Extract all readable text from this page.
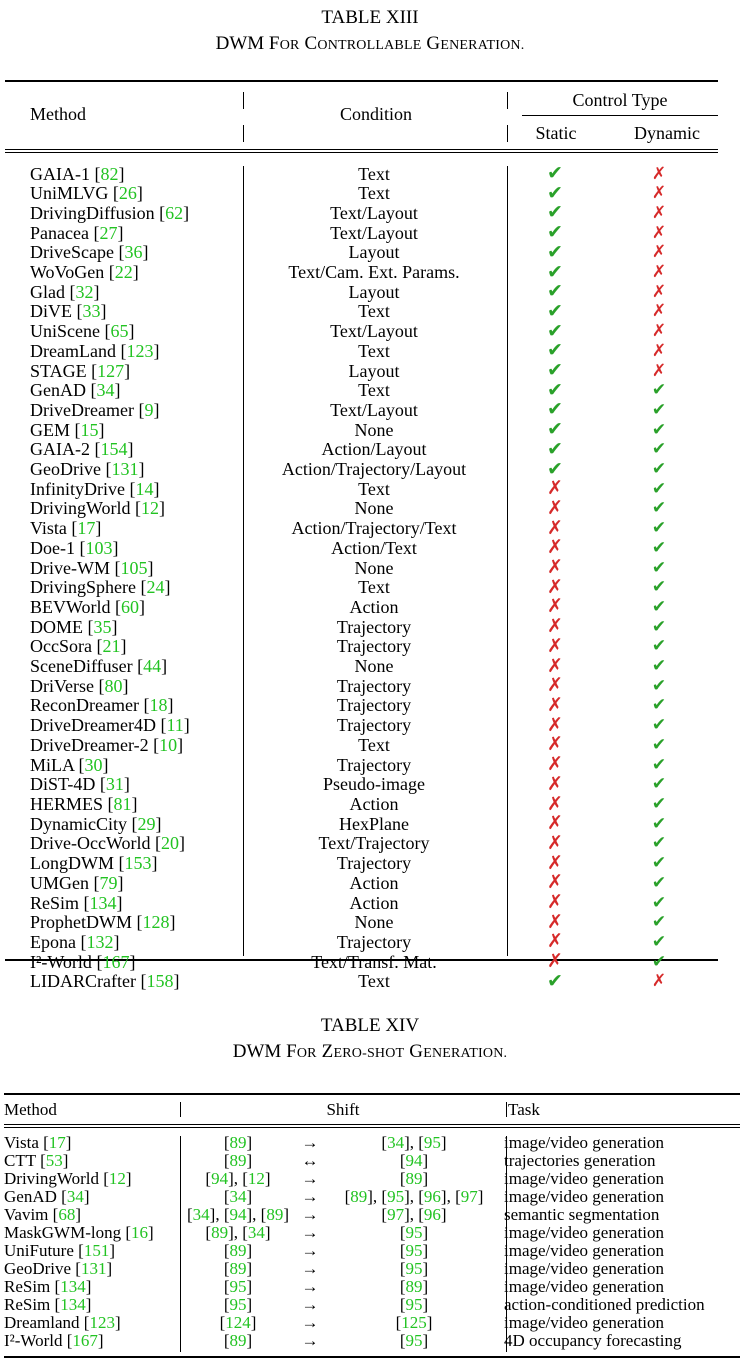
TABLE XIII
DWM FOR CONTROLLABLE GENERATION.
Method	Condition
Control Type
Static	Dynamic
GAIA-1 [82]	Text	✔	✗
UniMLVG [26]	Text	✔	✗
DrivingDiffusion [62]	Text/Layout	✔	✗
Panacea [27]	Text/Layout	✔	✗
DriveScape [36]	Layout	✔	✗
WoVoGen [22]	Text/Cam. Ext. Params.	✔	✗
Glad [32]	Layout	✔	✗
DiVE [33]	Text	✔	✗
UniScene [65]	Text/Layout	✔	✗
DreamLand [123]	Text	✔	✗
STAGE [127]	Layout	✔	✗
GenAD [34]	Text	✔	✔
DriveDreamer [9]	Text/Layout	✔	✔
GEM [15]	None	✔	✔
GAIA-2 [154]	Action/Layout	✔	✔
GeoDrive [131]	Action/Trajectory/Layout	✔	✔
InfinityDrive [14]	Text	✗	✔
DrivingWorld [12]	None	✗	✔
Vista [17]	Action/Trajectory/Text	✗	✔
Doe-1 [103]	Action/Text	✗	✔
Drive-WM [105]	None	✗	✔
DrivingSphere [24]	Text	✗	✔
BEVWorld [60]	Action	✗	✔
DOME [35]	Trajectory	✗	✔
OccSora [21]	Trajectory	✗	✔
SceneDiffuser [44]	None	✗	✔
DriVerse [80]	Trajectory	✗	✔
ReconDreamer [18]	Trajectory	✗	✔
DriveDreamer4D [11]	Trajectory	✗	✔
DriveDreamer-2 [10]	Text	✗	✔
MiLA [30]	Trajectory	✗	✔
DiST-4D [31]	Pseudo-image	✗	✔
HERMES [81]	Action	✗	✔
DynamicCity [29]	HexPlane	✗	✔
Drive-OccWorld [20]	Text/Trajectory	✗	✔
LongDWM [153]	Trajectory	✗	✔
UMGen [79]	Action	✗	✔
ReSim [134]	Action	✗	✔
ProphetDWM [128]	None	✗	✔
Epona [132]	Trajectory	✗	✔
I²-World [167]	Text/Transf. Mat.	✗	✔
LIDARCrafter [158]	Text	✔	✗
TABLE XIV
DWM FOR ZERO-SHOT GENERATION.
Method	Shift	Task
Vista [17]	[89]	→	[34], [95]	image/video generation
CTT [53]	[89]	↔	[94]	trajectories generation
DrivingWorld [12]	[94], [12]	→	[89]	image/video generation
GenAD [34]	[34]	→	[89], [95], [96], [97]	image/video generation
Vavim [68]	[34], [94], [89]	→	[97], [96]	semantic segmentation
MaskGWM-long [16]	[89], [34]	→	[95]	image/video generation
UniFuture [151]	[89]	→	[95]	image/video generation
GeoDrive [131]	[89]	→	[95]	image/video generation
ReSim [134]	[95]	→	[89]	image/video generation
ReSim [134]	[95]	→	[95]	action-conditioned prediction
Dreamland [123]	[124]	→	[125]	image/video generation
I²-World [167]	[89]	→	[95]	4D occupancy forecasting
